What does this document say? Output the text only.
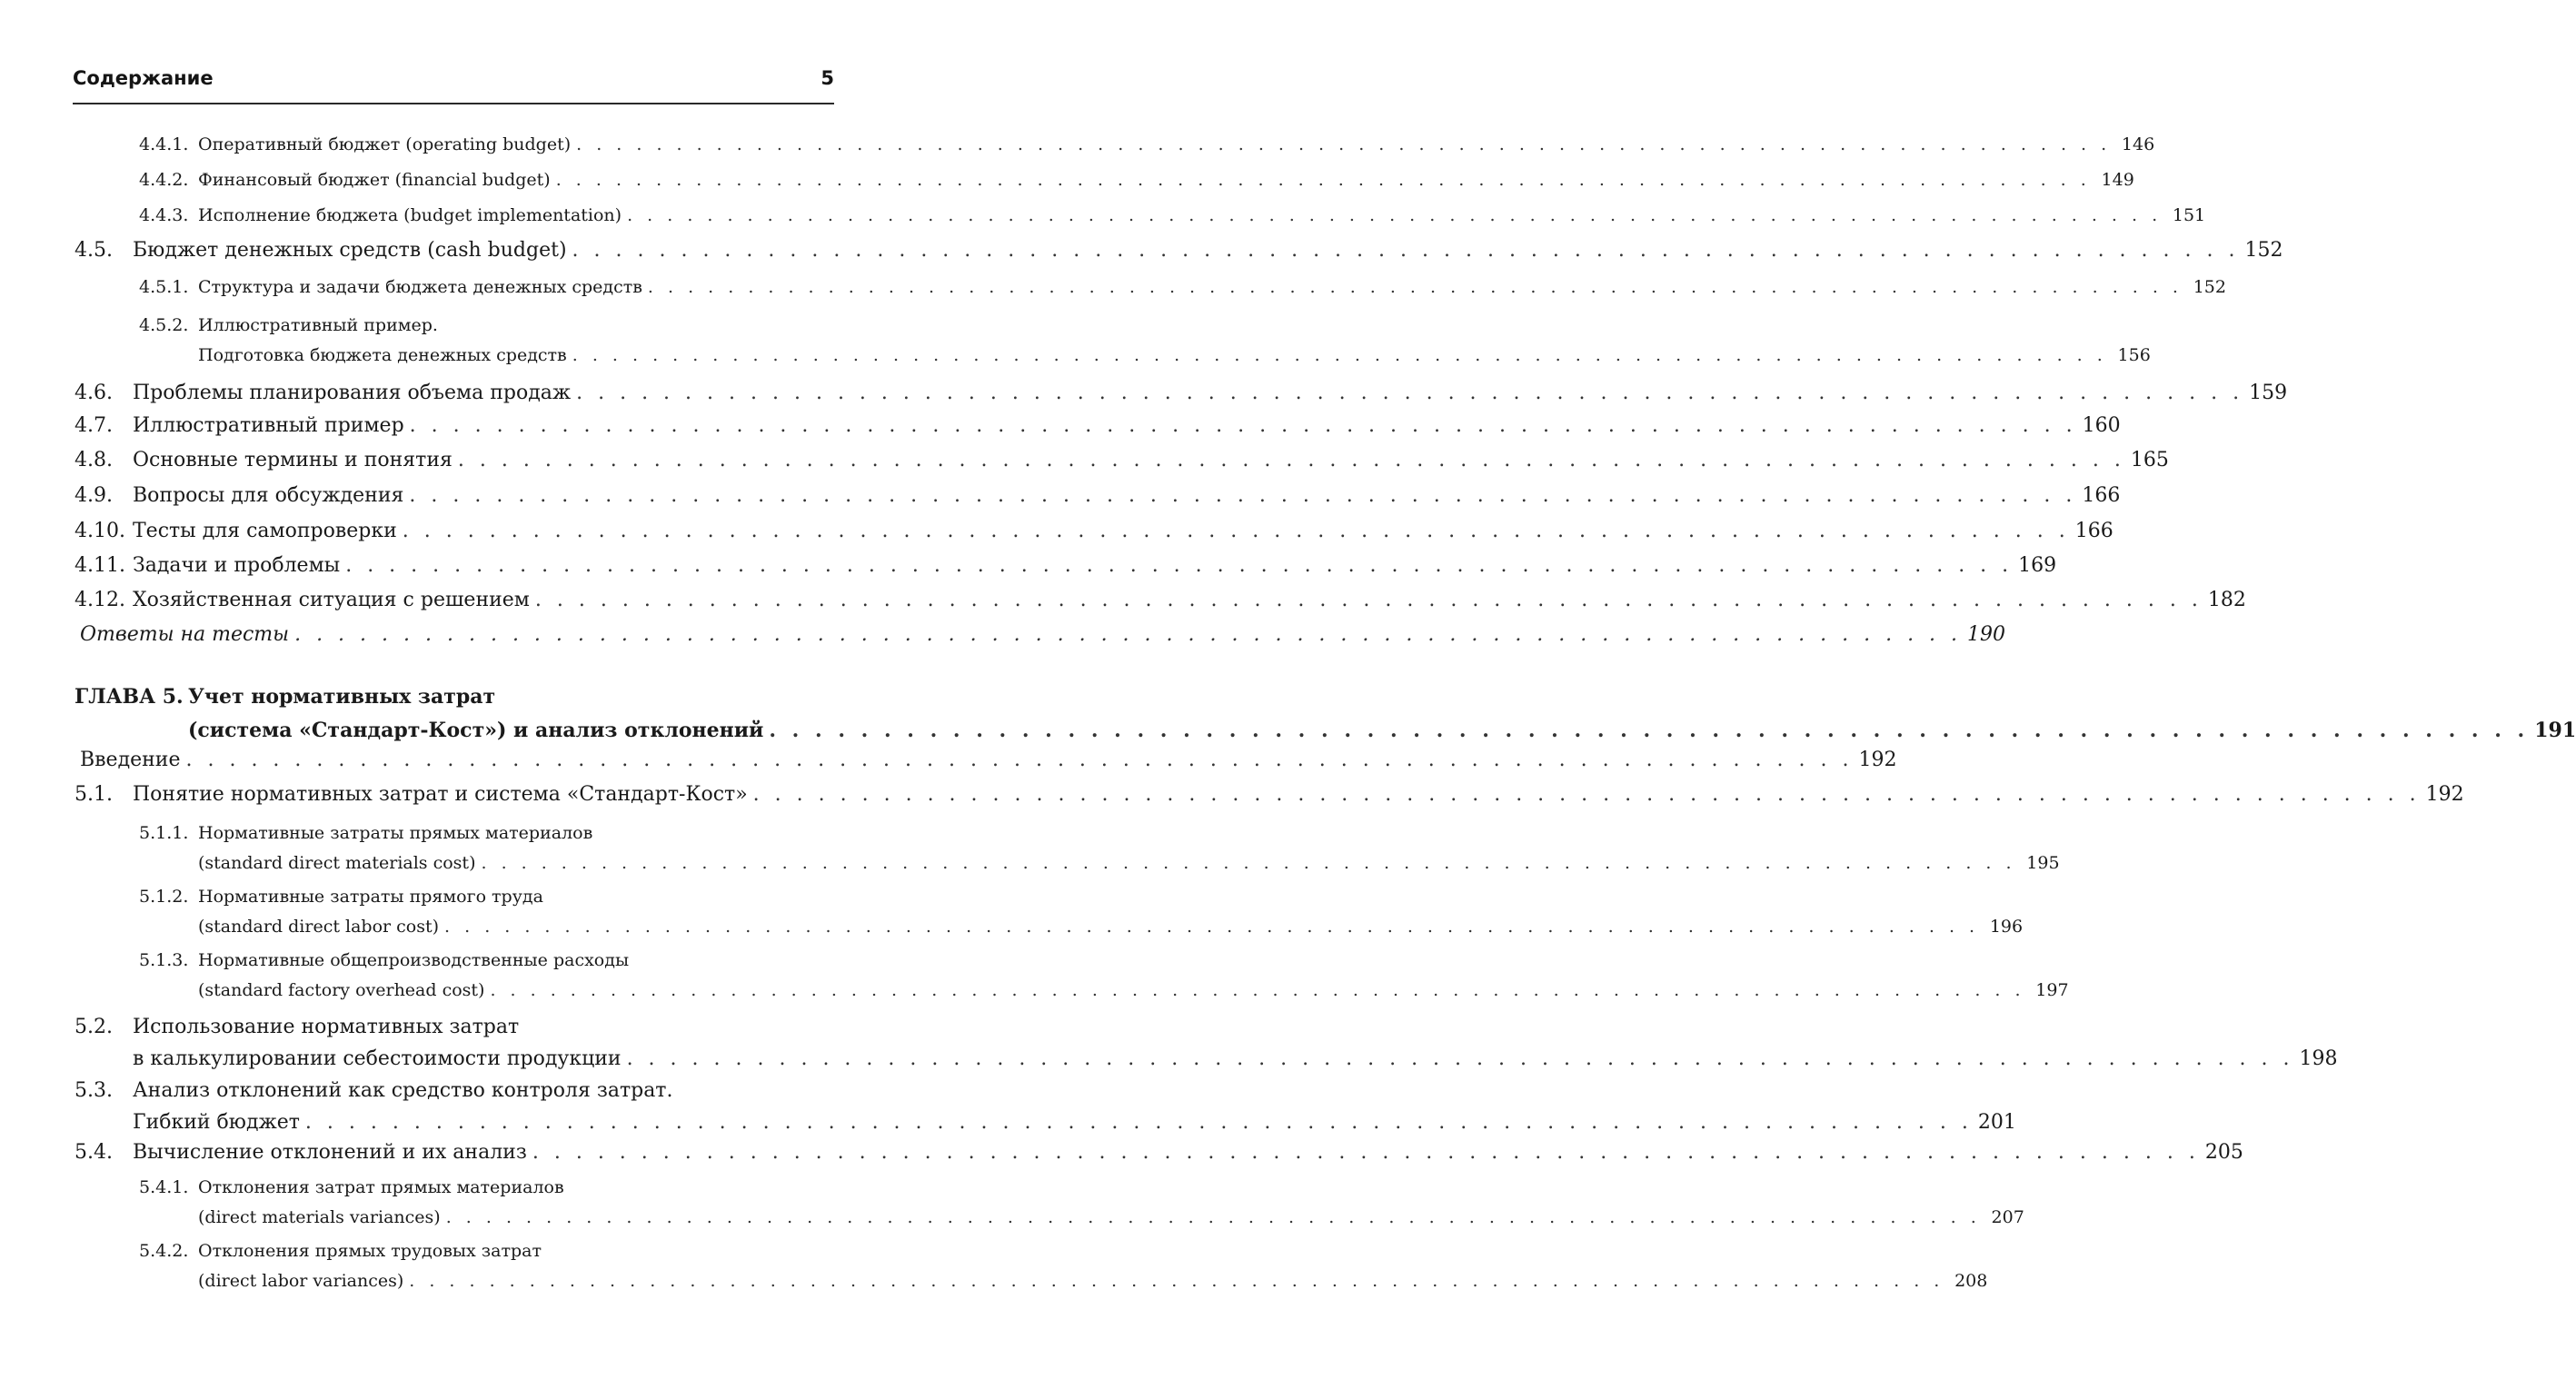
Содержание	5
4.4.1. Оперативный бюджет (operating budget) . . . . . . . . . . . . . . . . . . . . . . . . . . . . . . . . . . . . . . . . . . . . . . . . . . . . . . . . . . . . . . . . . . . . . . . . . . . . . 146
4.4.2. Финансовый бюджет (financial budget) . . . . . . . . . . . . . . . . . . . . . . . . . . . . . . . . . . . . . . . . . . . . . . . . . . . . . . . . . . . . . . . . . . . . . . . . . . . . . 149
4.4.3. Исполнение бюджета (budget implementation) . . . . . . . . . . . . . . . . . . . . . . . . . . . . . . . . . . . . . . . . . . . . . . . . . . . . . . . . . . . . . . . . . . . . . . . . . . . . . 151
4.5. Бюджет денежных средств (cash budget) . . . . . . . . . . . . . . . . . . . . . . . . . . . . . . . . . . . . . . . . . . . . . . . . . . . . . . . . . . . . . . . . . . . . . . . . . . . . . 152
4.5.1. Структура и задачи бюджета денежных средств . . . . . . . . . . . . . . . . . . . . . . . . . . . . . . . . . . . . . . . . . . . . . . . . . . . . . . . . . . . . . . . . . . . . . . . . . . . . . 152
4.5.2. Иллюстративный пример.
Подготовка бюджета денежных средств . . . . . . . . . . . . . . . . . . . . . . . . . . . . . . . . . . . . . . . . . . . . . . . . . . . . . . . . . . . . . . . . . . . . . . . . . . . . . 156
4.6. Проблемы планирования объема продаж . . . . . . . . . . . . . . . . . . . . . . . . . . . . . . . . . . . . . . . . . . . . . . . . . . . . . . . . . . . . . . . . . . . . . . . . . . . . . 159
4.7. Иллюстративный пример . . . . . . . . . . . . . . . . . . . . . . . . . . . . . . . . . . . . . . . . . . . . . . . . . . . . . . . . . . . . . . . . . . . . . . . . . . . . . 160
4.8. Основные термины и понятия . . . . . . . . . . . . . . . . . . . . . . . . . . . . . . . . . . . . . . . . . . . . . . . . . . . . . . . . . . . . . . . . . . . . . . . . . . . . . 165
4.9. Вопросы для обсуждения . . . . . . . . . . . . . . . . . . . . . . . . . . . . . . . . . . . . . . . . . . . . . . . . . . . . . . . . . . . . . . . . . . . . . . . . . . . . . 166
4.10. Тесты для самопроверки . . . . . . . . . . . . . . . . . . . . . . . . . . . . . . . . . . . . . . . . . . . . . . . . . . . . . . . . . . . . . . . . . . . . . . . . . . . . . 166
4.11. Задачи и проблемы . . . . . . . . . . . . . . . . . . . . . . . . . . . . . . . . . . . . . . . . . . . . . . . . . . . . . . . . . . . . . . . . . . . . . . . . . . . . . 169
4.12. Хозяйственная ситуация с решением . . . . . . . . . . . . . . . . . . . . . . . . . . . . . . . . . . . . . . . . . . . . . . . . . . . . . . . . . . . . . . . . . . . . . . . . . . . . . 182
Ответы на тесты . . . . . . . . . . . . . . . . . . . . . . . . . . . . . . . . . . . . . . . . . . . . . . . . . . . . . . . . . . . . . . . . . . . . . . . . . . . . . 190
ГЛАВА 5. Учет нормативных затрат
(система «Стандарт-Кост») и анализ отклонений . . . . . . . . . . . . . . . . . . . . . . . . . . . . . . . . . . . . . . . . . . . . . . . . . . . . . . . . . . . . . . . . . . . . . . . . . . . . . 191
Введение . . . . . . . . . . . . . . . . . . . . . . . . . . . . . . . . . . . . . . . . . . . . . . . . . . . . . . . . . . . . . . . . . . . . . . . . . . . . . 192
5.1. Понятие нормативных затрат и система «Стандарт-Кост» . . . . . . . . . . . . . . . . . . . . . . . . . . . . . . . . . . . . . . . . . . . . . . . . . . . . . . . . . . . . . . . . . . . . . . . . . . . . . 192
5.1.1. Нормативные затраты прямых материалов
(standard direct materials cost) . . . . . . . . . . . . . . . . . . . . . . . . . . . . . . . . . . . . . . . . . . . . . . . . . . . . . . . . . . . . . . . . . . . . . . . . . . . . . 195
5.1.2. Нормативные затраты прямого труда
(standard direct labor cost) . . . . . . . . . . . . . . . . . . . . . . . . . . . . . . . . . . . . . . . . . . . . . . . . . . . . . . . . . . . . . . . . . . . . . . . . . . . . . 196
5.1.3. Нормативные общепроизводственные расходы
(standard factory overhead cost) . . . . . . . . . . . . . . . . . . . . . . . . . . . . . . . . . . . . . . . . . . . . . . . . . . . . . . . . . . . . . . . . . . . . . . . . . . . . . 197
5.2. Использование нормативных затрат
в калькулировании себестоимости продукции . . . . . . . . . . . . . . . . . . . . . . . . . . . . . . . . . . . . . . . . . . . . . . . . . . . . . . . . . . . . . . . . . . . . . . . . . . . . . 198
5.3. Анализ отклонений как средство контроля затрат.
Гибкий бюджет . . . . . . . . . . . . . . . . . . . . . . . . . . . . . . . . . . . . . . . . . . . . . . . . . . . . . . . . . . . . . . . . . . . . . . . . . . . . . 201
5.4. Вычисление отклонений и их анализ . . . . . . . . . . . . . . . . . . . . . . . . . . . . . . . . . . . . . . . . . . . . . . . . . . . . . . . . . . . . . . . . . . . . . . . . . . . . . 205
5.4.1. Отклонения затрат прямых материалов
(direct materials variances) . . . . . . . . . . . . . . . . . . . . . . . . . . . . . . . . . . . . . . . . . . . . . . . . . . . . . . . . . . . . . . . . . . . . . . . . . . . . . 207
5.4.2. Отклонения прямых трудовых затрат
(direct labor variances) . . . . . . . . . . . . . . . . . . . . . . . . . . . . . . . . . . . . . . . . . . . . . . . . . . . . . . . . . . . . . . . . . . . . . . . . . . . . . 208
